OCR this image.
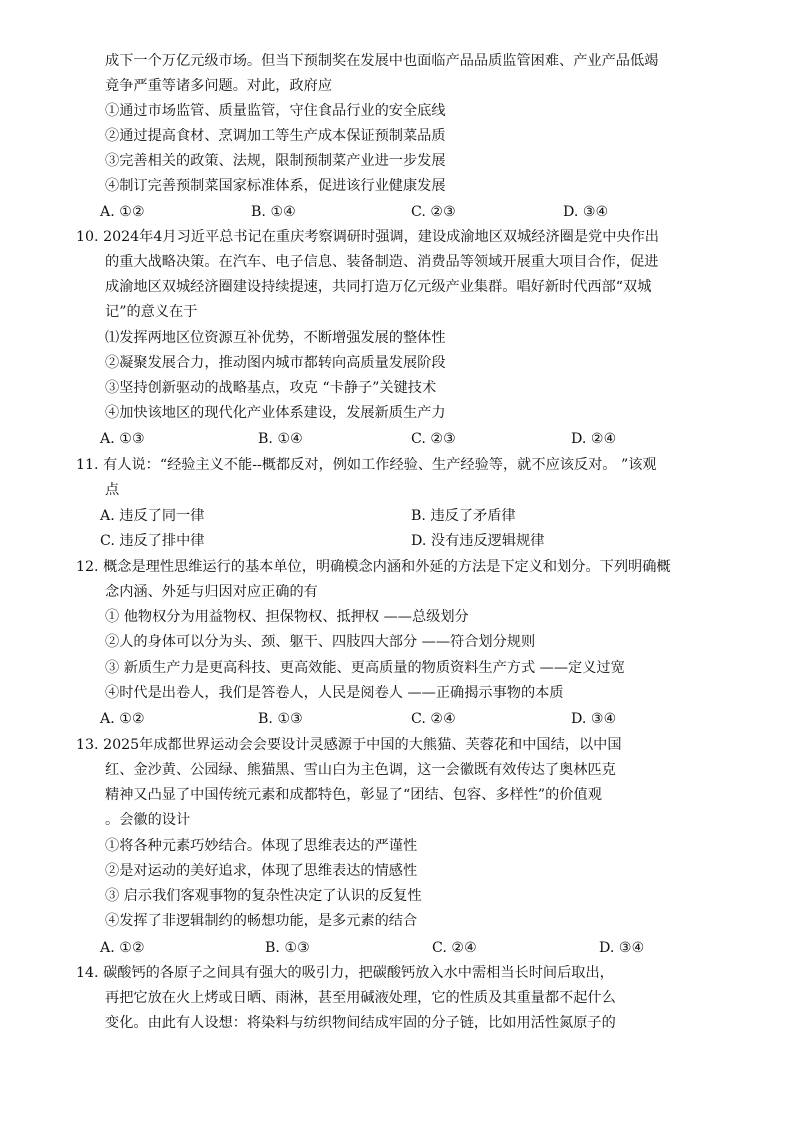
成下一个万亿元级市场。但当下预制奖在发展中也面临产品品质监管困难、产业产品低竭
竟争严重等诸多问题。对此，政府应
①通过市场监管、质量监管，守住食品行业的安全底线
②通过提高食材、烹调加工等生产成本保证预制菜品质
③完善相关的政策、法规，限制预制菜产业进一步发展
④制订完善预制菜国家标准体系，促进该行业健康发展
A. ①②	B. ①④	C. ②③	D. ③④
10. 2024年4月习近平总书记在重庆考察调研时强调，建设成渝地区双城经济圈是党中央作出
的重大战略决策。在汽车、电子信息、装备制造、消费品等领域开展重大项目合作，促进
成渝地区双城经济圈建设持续提速，共同打造万亿元级产业集群。唱好新时代西部“双城
记”的意义在于
⑴发挥两地区位资源互补优势，不断增强发展的整体性
②凝聚发展合力，推动图内城市都转向高质量发展阶段
③坚持创新驱动的战略基点，攻克 “卡静子”关键技术
④加快该地区的现代化产业体系建设，发展新质生产力
A. ①③	B. ①④	C. ②③	D. ②④
11. 有人说：“经验主义不能--概都反对，例如工作经验、生产经验等，就不应该反对。 ”该观
点
A. 违反了同一律	B. 违反了矛盾律
C. 违反了排中律	D. 没有违反逻辑规律
12. 概念是理性思维运行的基本单位，明确模念内涵和外延的方法是下定义和划分。下列明确概
念内涵、外延与归因对应正确的有
① 他物权分为用益物权、担保物权、抵押权 ——总级划分
②人的身体可以分为头、颈、躯干、四肢四大部分 ——符合划分规则
③ 新质生产力是更高科技、更高效能、更高质量的物质资料生产方式 ——定义过宽
④时代是出卷人，我们是答卷人，人民是阅卷人 ——正确揭示事物的本质
A. ①②	B. ①③	C. ②④	D. ③④
13. 2025年成都世界运动会会要设计灵感源于中国的大熊猫、芙蓉花和中国结，以中国
红、金沙黄、公园绿、熊猫黑、雪山白为主色调，这一会徽既有效传达了奥林匹克
精神又凸显了中国传统元素和成都特色，彰显了“团结、包容、多样性”的价值观
。会徽的设计
①将各种元素巧妙结合。体现了思维表达的严谨性
②是对运动的美好追求，体现了思维表达的情感性
③ 启示我们客观事物的复杂性决定了认识的反复性
④发挥了非逻辑制约的畅想功能，是多元素的结合
A. ①②	B. ①③	C. ②④	D. ③④
14. 碳酸钙的各原子之间具有强大的吸引力，把碳酸钙放入水中需相当长时间后取出，
再把它放在火上烤或日晒、雨淋，甚至用碱液处理，它的性质及其重量都不起什么
变化。由此有人设想：将染料与纺织物间结成牢固的分子链，比如用活性氮原子的
